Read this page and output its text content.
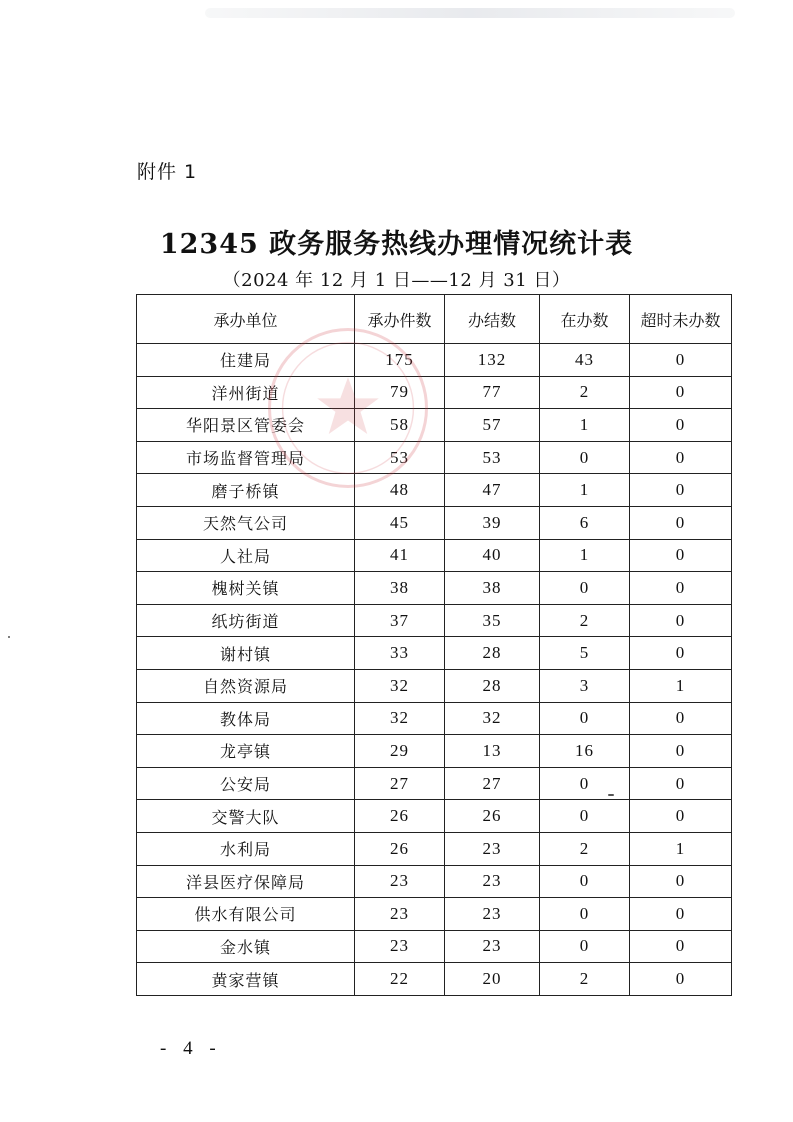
附件 1
12345 政务服务热线办理情况统计表
（2024 年 12 月 1 日——12 月 31 日）
承办单位	承办件数	办结数	在办数	超时未办数
住建局	175	132	43	0
洋州街道	79	77	2	0
华阳景区管委会	58	57	1	0
市场监督管理局	53	53	0	0
磨子桥镇	48	47	1	0
天然气公司	45	39	6	0
人社局	41	40	1	0
槐树关镇	38	38	0	0
纸坊街道	37	35	2	0
谢村镇	33	28	5	0
自然资源局	32	28	3	1
教体局	32	32	0	0
龙亭镇	29	13	16	0
公安局	27	27	0	0
交警大队	26	26	0	0
水利局	26	23	2	1
洋县医疗保障局	23	23	0	0
供水有限公司	23	23	0	0
金水镇	23	23	0	0
黄家营镇	22	20	2	0
- 4 -
